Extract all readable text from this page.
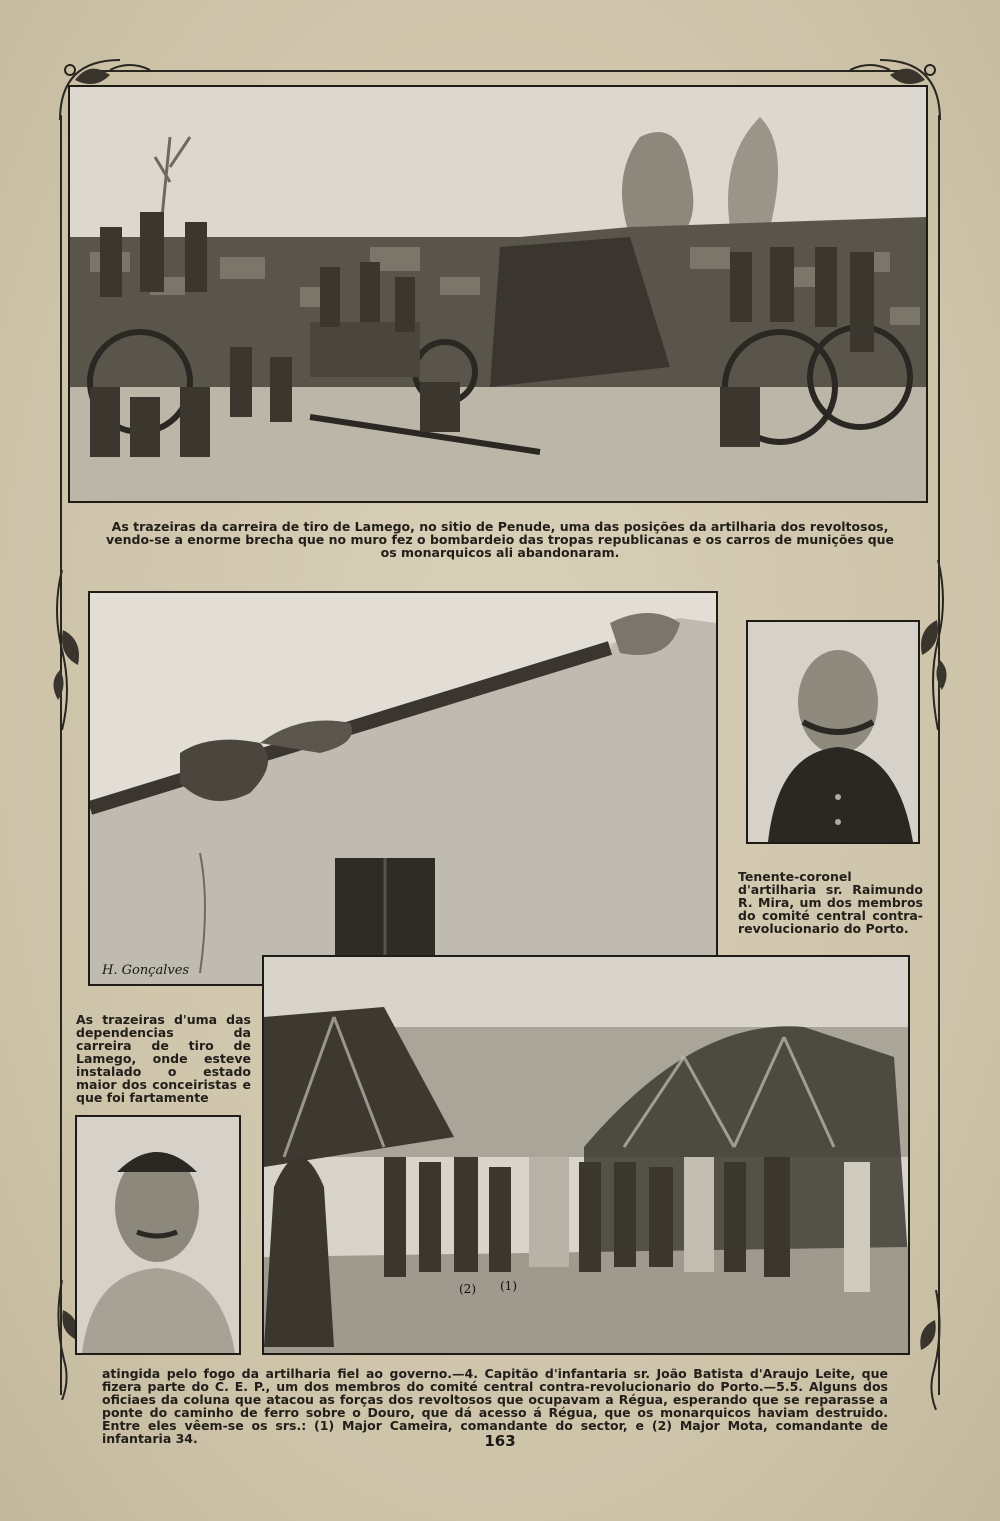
As trazeiras da carreira de tiro de Lamego, no sitio de Penude, uma das posições da artilharia dos revoltosos, vendo-se a enorme brecha que no muro fez o bombardeio das tropas republicanas e os carros de munições que os monarquicos ali abandonaram.

H. Gonçalves

Tenente-coronel d'artilharia sr. Raimundo R. Mira, um dos membros do comité central contra-revolucionario do Porto.

As trazeiras d'uma das dependencias da carreira de tiro de Lamego, onde esteve instalado o estado maior dos conceiristas e que foi fartamente

(2) (1)

atingida pelo fogo da artilharia fiel ao governo.—4. Capitão d'infantaria sr. João Batista d'Araujo Leite, que fizera parte do C. E. P., um dos membros do comité central contra-revolucionario do Porto.—5.5. Alguns dos oficiaes da coluna que atacou as forças dos revoltosos que ocupavam a Régua, esperando que se reparasse a ponte do caminho de ferro sobre o Douro, que dá acesso á Régua, que os monarquicos haviam destruido. Entre eles vêem-se os srs.: (1) Major Cameira, comandante do sector, e (2) Major Mota, comandante de infantaria 34.	163
